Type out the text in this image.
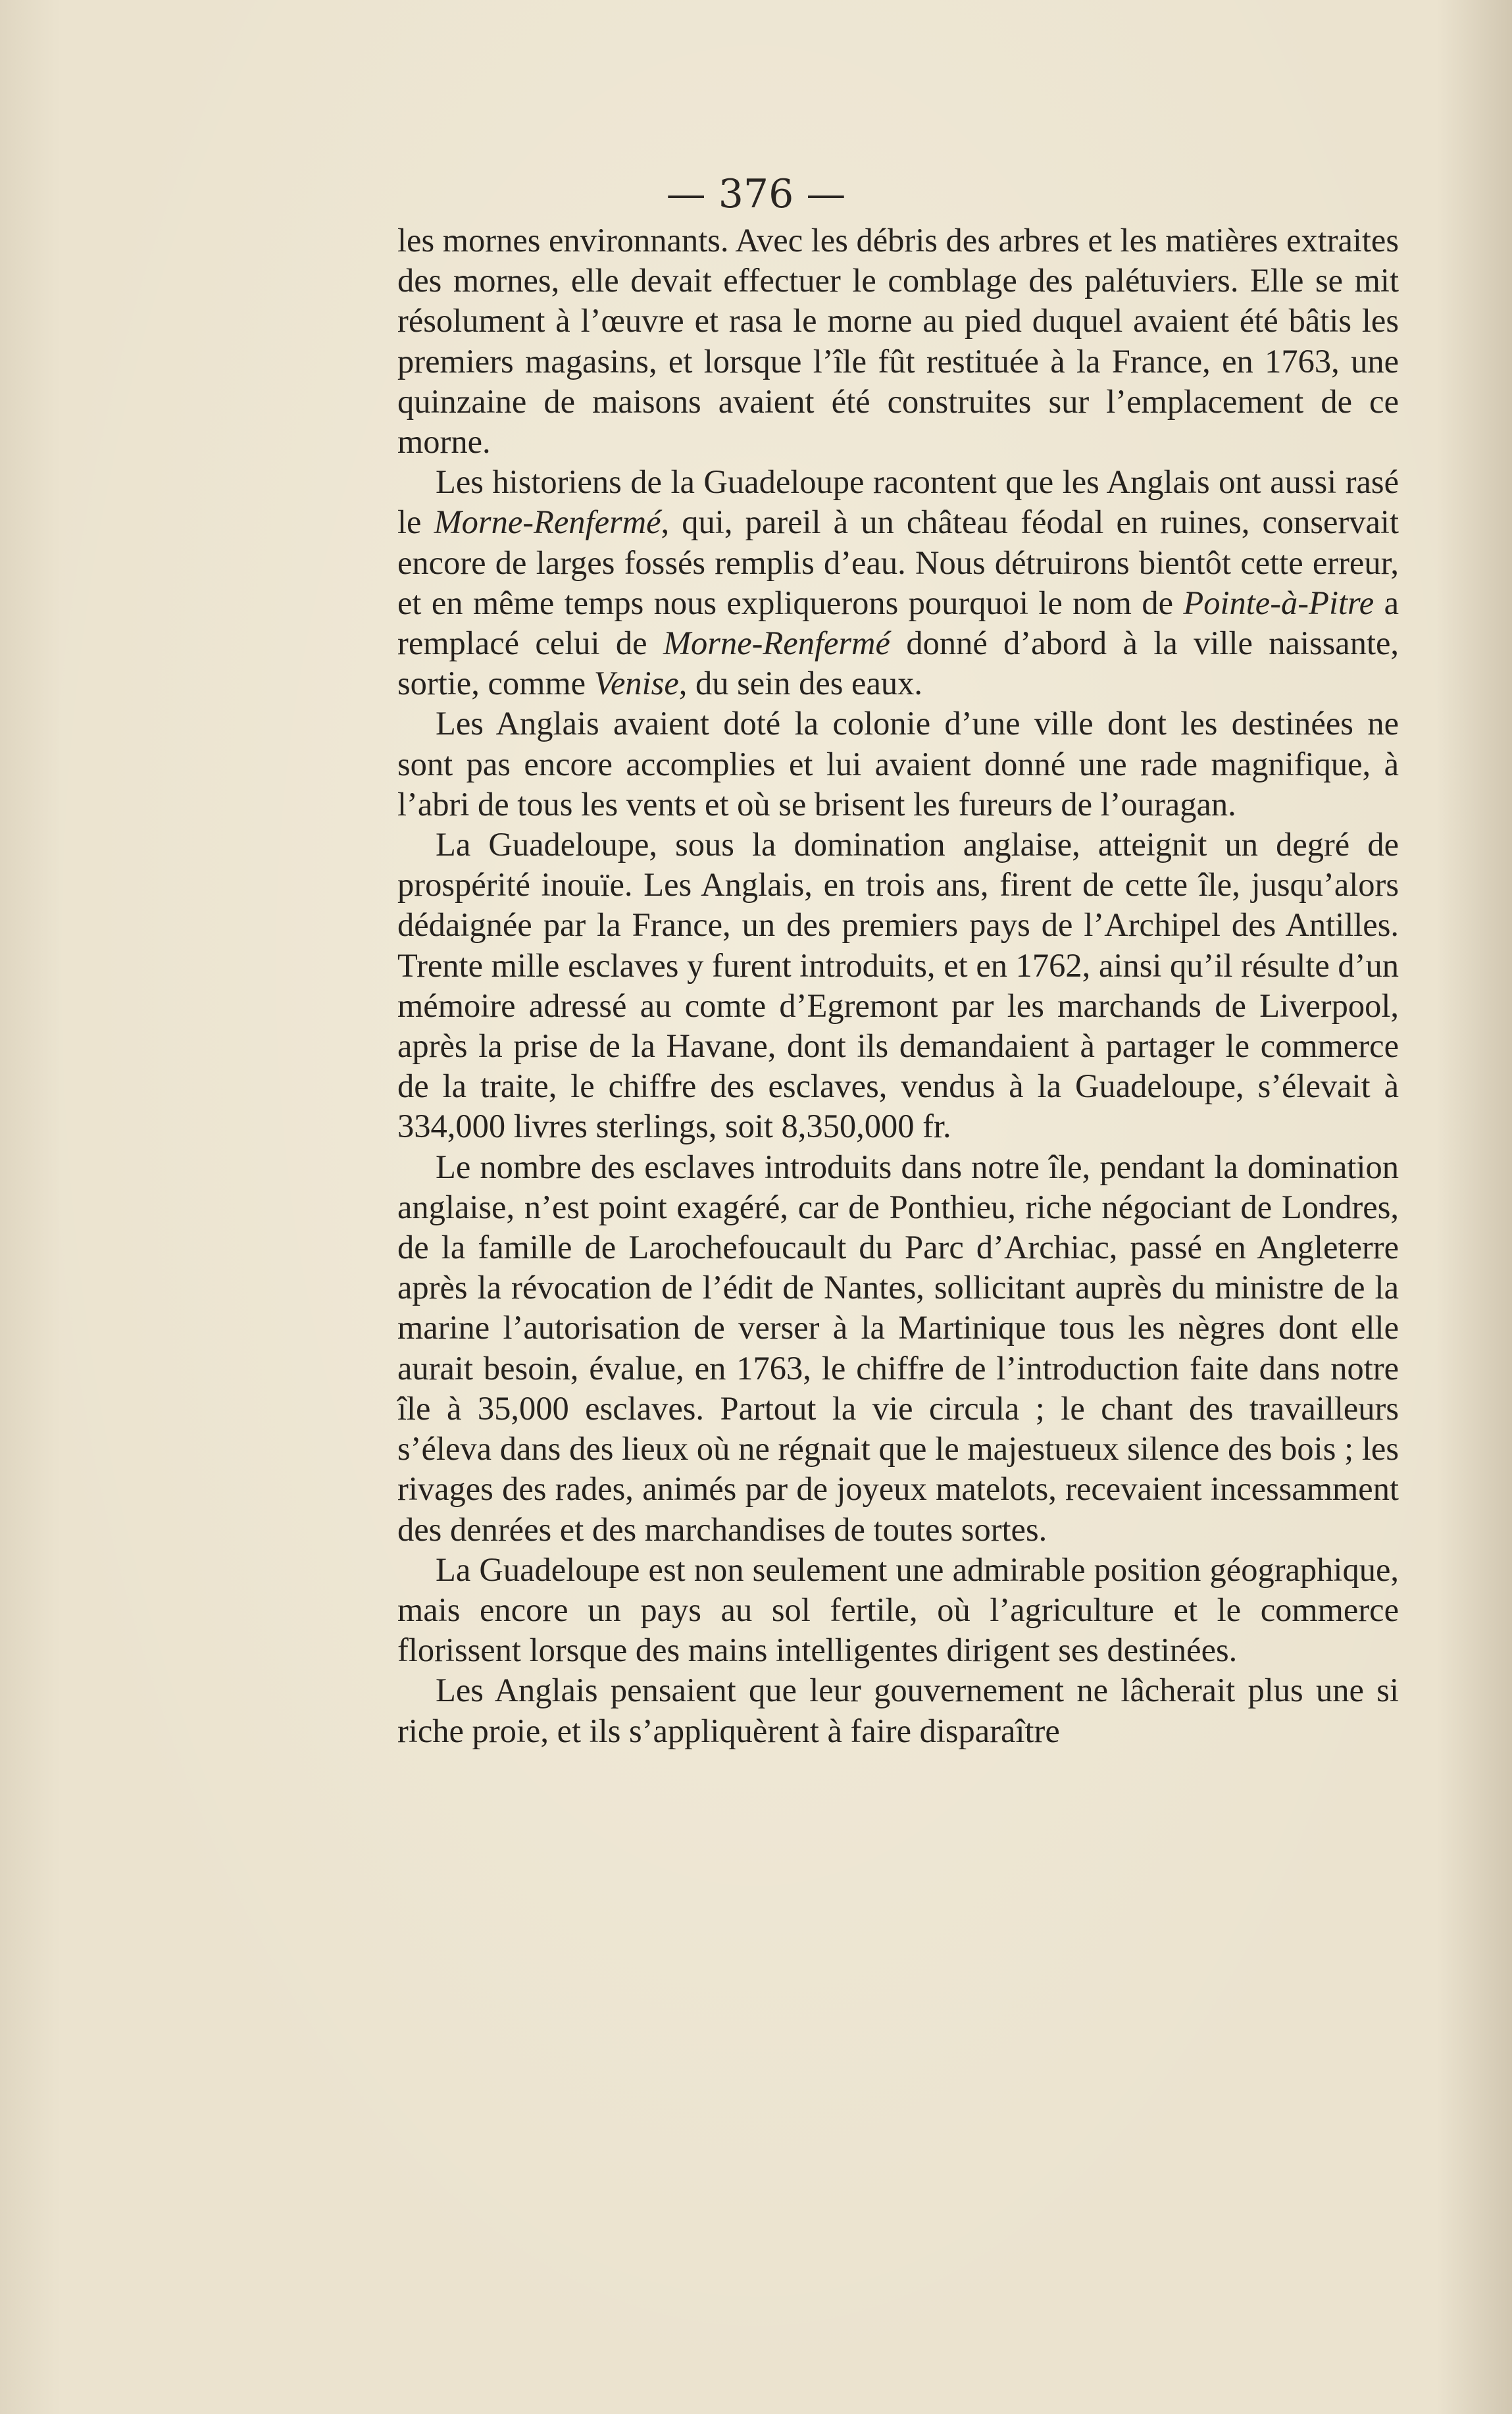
— 376 —

les mornes environnants. Avec les débris des arbres et les matières extraites des mornes, elle devait effectuer le comblage des palétuviers. Elle se mit résolument à l’œuvre et rasa le morne au pied duquel avaient été bâtis les premiers magasins, et lorsque l’île fût restituée à la France, en 1763, une quinzaine de maisons avaient été construites sur l’emplacement de ce morne.

Les historiens de la Guadeloupe racontent que les Anglais ont aussi rasé le Morne-Renfermé, qui, pareil à un château féodal en ruines, conservait encore de larges fossés remplis d’eau. Nous détruirons bientôt cette erreur, et en même temps nous expliquerons pourquoi le nom de Pointe-à-Pitre a remplacé celui de Morne-Renfermé donné d’abord à la ville naissante, sortie, comme Venise, du sein des eaux.

Les Anglais avaient doté la colonie d’une ville dont les destinées ne sont pas encore accomplies et lui avaient donné une rade magnifique, à l’abri de tous les vents et où se brisent les fureurs de l’ouragan.

La Guadeloupe, sous la domination anglaise, atteignit un degré de prospérité inouïe. Les Anglais, en trois ans, firent de cette île, jusqu’alors dédaignée par la France, un des premiers pays de l’Archipel des Antilles. Trente mille esclaves y furent introduits, et en 1762, ainsi qu’il résulte d’un mémoire adressé au comte d’Egremont par les marchands de Liverpool, après la prise de la Havane, dont ils demandaient à partager le commerce de la traite, le chiffre des esclaves, vendus à la Guadeloupe, s’élevait à 334,000 livres sterlings, soit 8,350,000 fr.

Le nombre des esclaves introduits dans notre île, pendant la domination anglaise, n’est point exagéré, car de Ponthieu, riche négociant de Londres, de la famille de Larochefoucault du Parc d’Archiac, passé en Angleterre après la révocation de l’édit de Nantes, sollicitant auprès du ministre de la marine l’autorisation de verser à la Martinique tous les nègres dont elle aurait besoin, évalue, en 1763, le chiffre de l’introduction faite dans notre île à 35,000 esclaves. Partout la vie circula ; le chant des travailleurs s’éleva dans des lieux où ne régnait que le majestueux silence des bois ; les rivages des rades, animés par de joyeux matelots, recevaient incessamment des denrées et des marchandises de toutes sortes.

La Guadeloupe est non seulement une admirable position géographique, mais encore un pays au sol fertile, où l’agriculture et le commerce florissent lorsque des mains intelligentes dirigent ses destinées.

Les Anglais pensaient que leur gouvernement ne lâcherait plus une si riche proie, et ils s’appliquèrent à faire disparaître
